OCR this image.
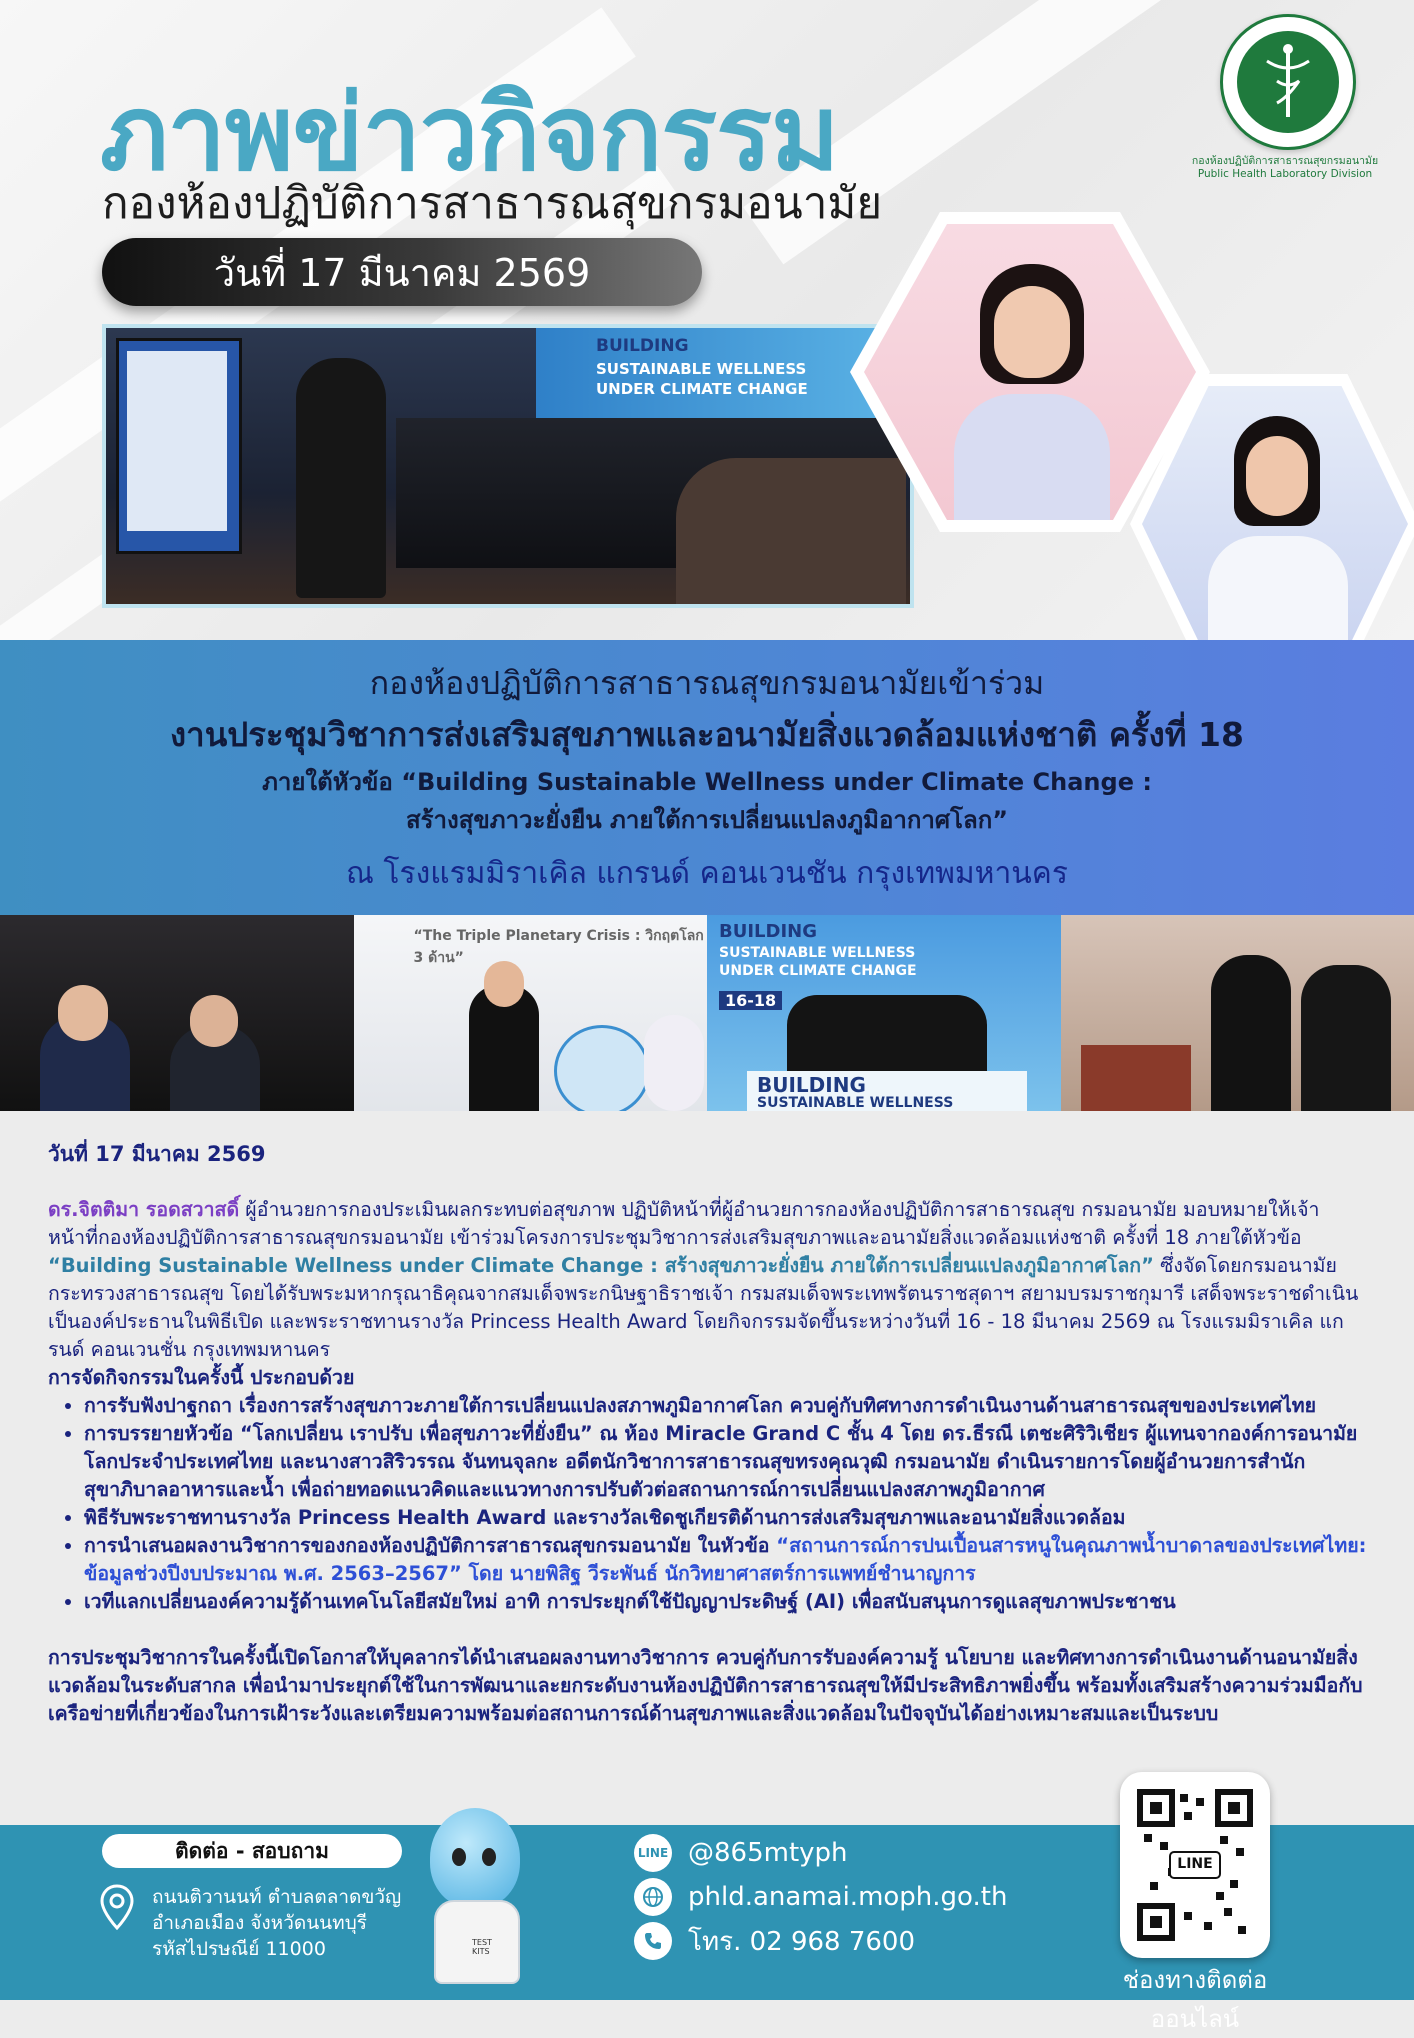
ภาพข่าวกิจกรรม
กองห้องปฏิบัติการสาธารณสุขกรมอนามัย
วันที่ 17 มีนาคม 2569
กองห้องปฏิบัติการสาธารณสุขกรมอนามัย
Public Health Laboratory Division
BUILDING
SUSTAINABLE WELLNESS
UNDER CLIMATE CHANGE
กองห้องปฏิบัติการสาธารณสุขกรมอนามัยเข้าร่วม
งานประชุมวิชาการส่งเสริมสุขภาพและอนามัยสิ่งแวดล้อมแห่งชาติ ครั้งที่ 18
ภายใต้หัวข้อ “Building Sustainable Wellness under Climate Change :
สร้างสุขภาวะยั่งยืน ภายใต้การเปลี่ยนแปลงภูมิอากาศโลก”
ณ โรงแรมมิราเคิล แกรนด์ คอนเวนชัน กรุงเทพมหานคร
“The Triple Planetary Crisis : วิกฤตโลก 3 ด้าน”
BUILDING
SUSTAINABLE WELLNESS
UNDER CLIMATE CHANGE
16-18
BUILDING
SUSTAINABLE WELLNESS

วันที่ 17 มีนาคม 2569

ดร.จิตติมา รอดสวาสดิ์ ผู้อำนวยการกองประเมินผลกระทบต่อสุขภาพ ปฏิบัติหน้าที่ผู้อำนวยการกองห้องปฏิบัติการสาธารณสุข กรมอนามัย มอบหมายให้เจ้าหน้าที่กองห้องปฏิบัติการสาธารณสุขกรมอนามัย เข้าร่วมโครงการประชุมวิชาการส่งเสริมสุขภาพและอนามัยสิ่งแวดล้อมแห่งชาติ ครั้งที่ 18 ภายใต้หัวข้อ “Building Sustainable Wellness under Climate Change : สร้างสุขภาวะยั่งยืน ภายใต้การเปลี่ยนแปลงภูมิอากาศโลก” ซึ่งจัดโดยกรมอนามัย กระทรวงสาธารณสุข โดยได้รับพระมหากรุณาธิคุณจากสมเด็จพระกนิษฐาธิราชเจ้า กรมสมเด็จพระเทพรัตนราชสุดาฯ สยามบรมราชกุมารี เสด็จพระราชดำเนินเป็นองค์ประธานในพิธีเปิด และพระราชทานรางวัล Princess Health Award โดยกิจกรรมจัดขึ้นระหว่างวันที่ 16 - 18 มีนาคม 2569 ณ โรงแรมมิราเคิล แกรนด์ คอนเวนชั่น กรุงเทพมหานคร

การจัดกิจกรรมในครั้งนี้ ประกอบด้วย

• การรับฟังปาฐกถา เรื่องการสร้างสุขภาวะภายใต้การเปลี่ยนแปลงสภาพภูมิอากาศโลก ควบคู่กับทิศทางการดำเนินงานด้านสาธารณสุขของประเทศไทย
• การบรรยายหัวข้อ “โลกเปลี่ยน เราปรับ เพื่อสุขภาวะที่ยั่งยืน” ณ ห้อง Miracle Grand C ชั้น 4 โดย ดร.ธีรณี เตชะศิริวิเชียร ผู้แทนจากองค์การอนามัยโลกประจำประเทศไทย และนางสาวสิริวรรณ จันทนจุลกะ อดีตนักวิชาการสาธารณสุขทรงคุณวุฒิ กรมอนามัย ดำเนินรายการโดยผู้อำนวยการสำนักสุขาภิบาลอาหารและน้ำ เพื่อถ่ายทอดแนวคิดและแนวทางการปรับตัวต่อสถานการณ์การเปลี่ยนแปลงสภาพภูมิอากาศ
• พิธีรับพระราชทานรางวัล Princess Health Award และรางวัลเชิดชูเกียรติด้านการส่งเสริมสุขภาพและอนามัยสิ่งแวดล้อม
• การนำเสนอผลงานวิชาการของกองห้องปฏิบัติการสาธารณสุขกรมอนามัย ในหัวข้อ “สถานการณ์การปนเปื้อนสารหนูในคุณภาพน้ำบาดาลของประเทศไทย: ข้อมูลช่วงปีงบประมาณ พ.ศ. 2563–2567” โดย นายพิสิฐ วีระพันธ์ นักวิทยาศาสตร์การแพทย์ชำนาญการ
• เวทีแลกเปลี่ยนองค์ความรู้ด้านเทคโนโลยีสมัยใหม่ อาทิ การประยุกต์ใช้ปัญญาประดิษฐ์ (AI) เพื่อสนับสนุนการดูแลสุขภาพประชาชน

การประชุมวิชาการในครั้งนี้เปิดโอกาสให้บุคลากรได้นำเสนอผลงานทางวิชาการ ควบคู่กับการรับองค์ความรู้ นโยบาย และทิศทางการดำเนินงานด้านอนามัยสิ่งแวดล้อมในระดับสากล เพื่อนำมาประยุกต์ใช้ในการพัฒนาและยกระดับงานห้องปฏิบัติการสาธารณสุขให้มีประสิทธิภาพยิ่งขึ้น พร้อมทั้งเสริมสร้างความร่วมมือกับเครือข่ายที่เกี่ยวข้องในการเฝ้าระวังและเตรียมความพร้อมต่อสถานการณ์ด้านสุขภาพและสิ่งแวดล้อมในปัจจุบันได้อย่างเหมาะสมและเป็นระบบ

ติดต่อ - สอบถาม
ถนนติวานนท์ ตำบลตลาดขวัญ
อำเภอเมือง จังหวัดนนทบุรี
รหัสไปรษณีย์ 11000	TEST KITS
LINE @865mtyph
phld.anamai.moph.go.th
โทร. 02 968 7600
LINE
ช่องทางติดต่อออนไลน์
